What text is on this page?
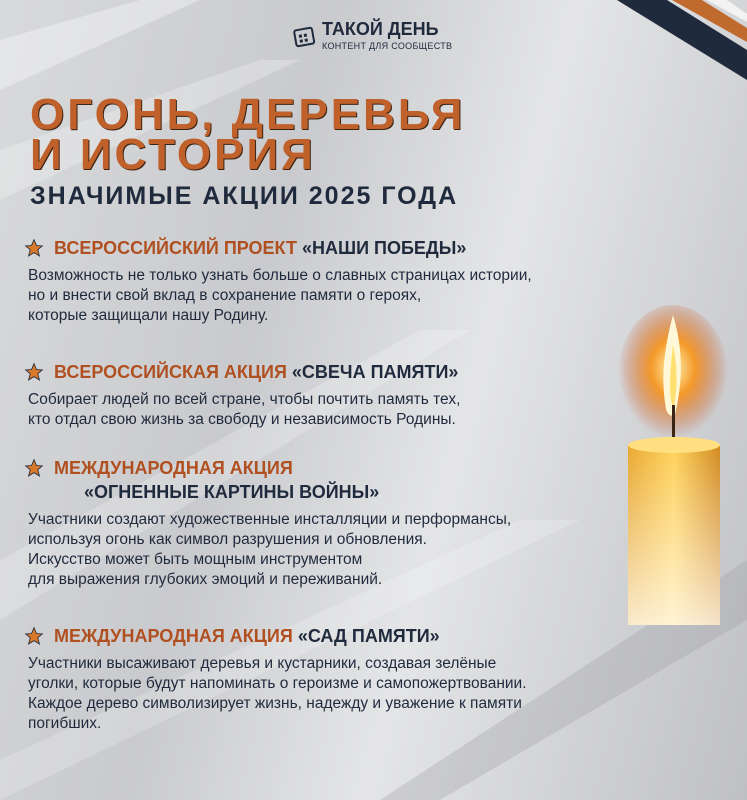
ТАКОЙ ДЕНЬ
КОНТЕНТ ДЛЯ СООБЩЕСТВ
ОГОНЬ, ДЕРЕВЬЯ
И ИСТОРИЯ
ЗНАЧИМЫЕ АКЦИИ 2025 ГОДА
ВСЕРОССИЙСКИЙ ПРОЕКТ «НАШИ ПОБЕДЫ»
Возможность не только узнать больше о славных страницах истории,
но и внести свой вклад в сохранение памяти о героях,
которые защищали нашу Родину.
ВСЕРОССИЙСКАЯ АКЦИЯ «СВЕЧА ПАМЯТИ»
Собирает людей по всей стране, чтобы почтить память тех,
кто отдал свою жизнь за свободу и независимость Родины.
МЕЖДУНАРОДНАЯ АКЦИЯ
«ОГНЕННЫЕ КАРТИНЫ ВОЙНЫ»
Участники создают художественные инсталляции и перформансы,
используя огонь как символ разрушения и обновления.
Искусство может быть мощным инструментом
для выражения глубоких эмоций и переживаний.
МЕЖДУНАРОДНАЯ АКЦИЯ «САД ПАМЯТИ»
Участники высаживают деревья и кустарники, создавая зелёные
уголки, которые будут напоминать о героизме и самопожертвовании.
Каждое дерево символизирует жизнь, надежду и уважение к памяти
погибших.
